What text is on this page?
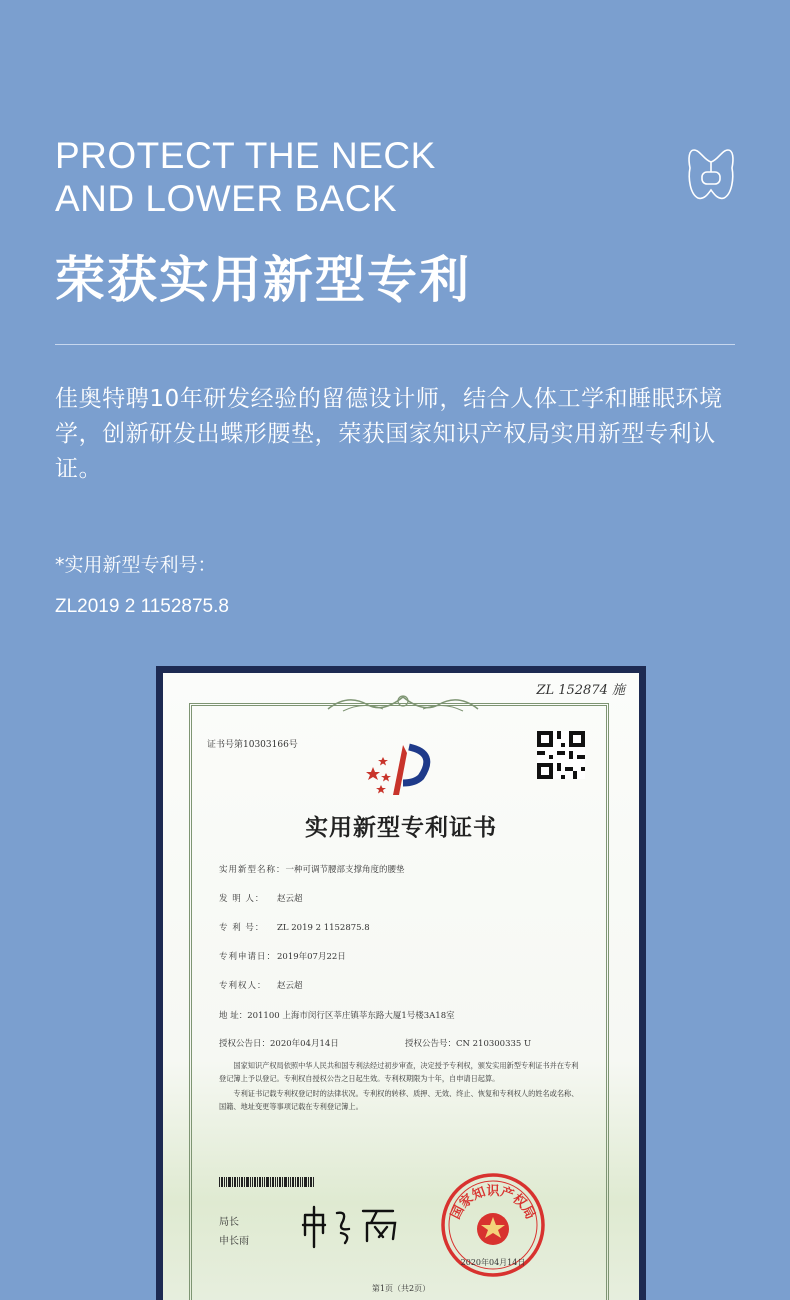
PROTECT THE NECK
AND LOWER BACK
荣获实用新型专利
佳奥特聘10年研发经验的留德设计师，结合人体工学和睡眠环境学，创新研发出蝶形腰垫，荣获国家知识产权局实用新型专利认证。
*实用新型专利号：
ZL2019 2 1152875.8
ZL 152874 施
证书号第10303166号
实用新型专利证书
实用新型名称：一种可调节腰部支撑角度的腰垫
发 明 人： 赵云超
专 利 号： ZL 2019 2 1152875.8
专利申请日：2019年07月22日
专利权人： 赵云超
地 址：201100 上海市闵行区莘庄镇莘东路大厦1号楼3A18室
授权公告日：2020年04月14日	授权公告号：CN 210300335 U

国家知识产权局依照中华人民共和国专利法经过初步审查，决定授予专利权，颁发实用新型专利证书并在专利登记簿上予以登记。专利权自授权公告之日起生效。专利权期限为十年，自申请日起算。

专利证书记载专利权登记时的法律状况。专利权的转移、质押、无效、终止、恢复和专利权人的姓名或名称、国籍、地址变更等事项记载在专利登记簿上。

局长
申长雨
国家知识产权局
2020年04月14日
第1页（共2页）
